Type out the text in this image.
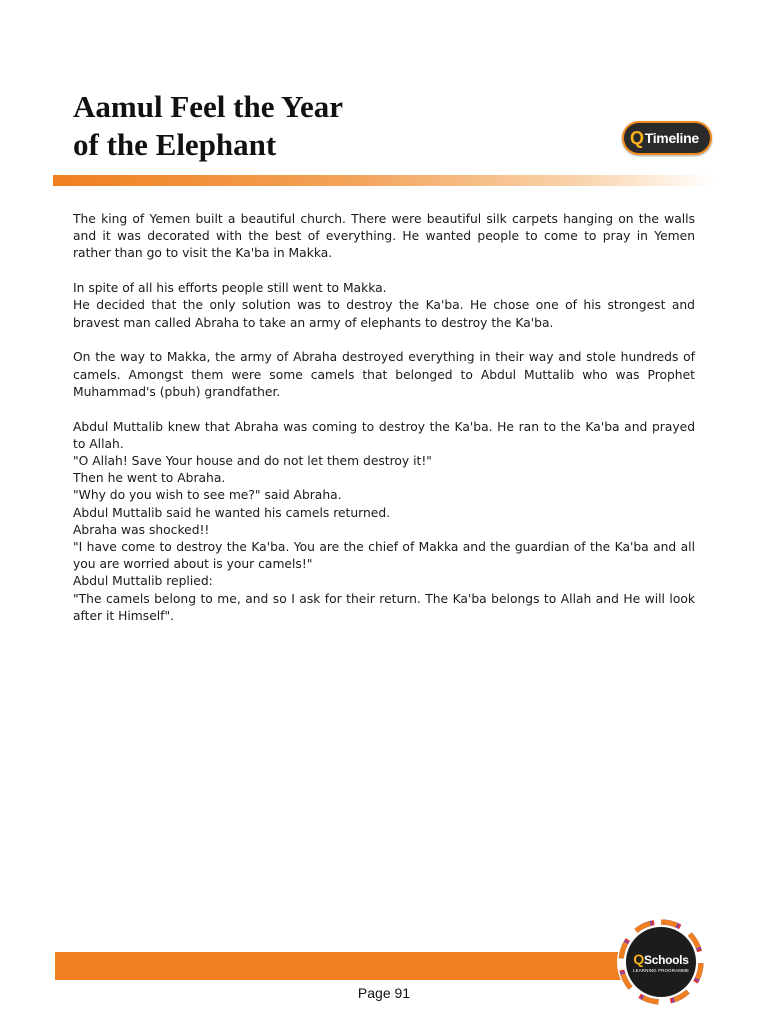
Aamul Feel the Year
of the Elephant	Q Timeline

The king of Yemen built a beautiful church. There were beautiful silk carpets hanging on the walls and it was decorated with the best of everything. He wanted people to come to pray in Yemen rather than go to visit the Ka'ba in Makka.

In spite of all his efforts people still went to Makka.
He decided that the only solution was to destroy the Ka'ba. He chose one of his strongest and bravest man called Abraha to take an army of elephants to destroy the Ka'ba.

On the way to Makka, the army of Abraha destroyed everything in their way and stole hundreds of camels. Amongst them were some camels that belonged to Abdul Muttalib who was Prophet Muhammad's (pbuh) grandfather.

Abdul Muttalib knew that Abraha was coming to destroy the Ka'ba. He ran to the Ka'ba and prayed to Allah.
"O Allah! Save Your house and do not let them destroy it!"
Then he went to Abraha.
"Why do you wish to see me?" said Abraha.
Abdul Muttalib said he wanted his camels returned.
Abraha was shocked!!
"I have come to destroy the Ka'ba. You are the chief of Makka and the guardian of the Ka'ba and all you are worried about is your camels!"
Abdul Muttalib replied:
"The camels belong to me, and so I ask for their return. The Ka'ba belongs to Allah and He will look after it Himself".

Page 91
QSchools
LEARNING PROGRAMME
